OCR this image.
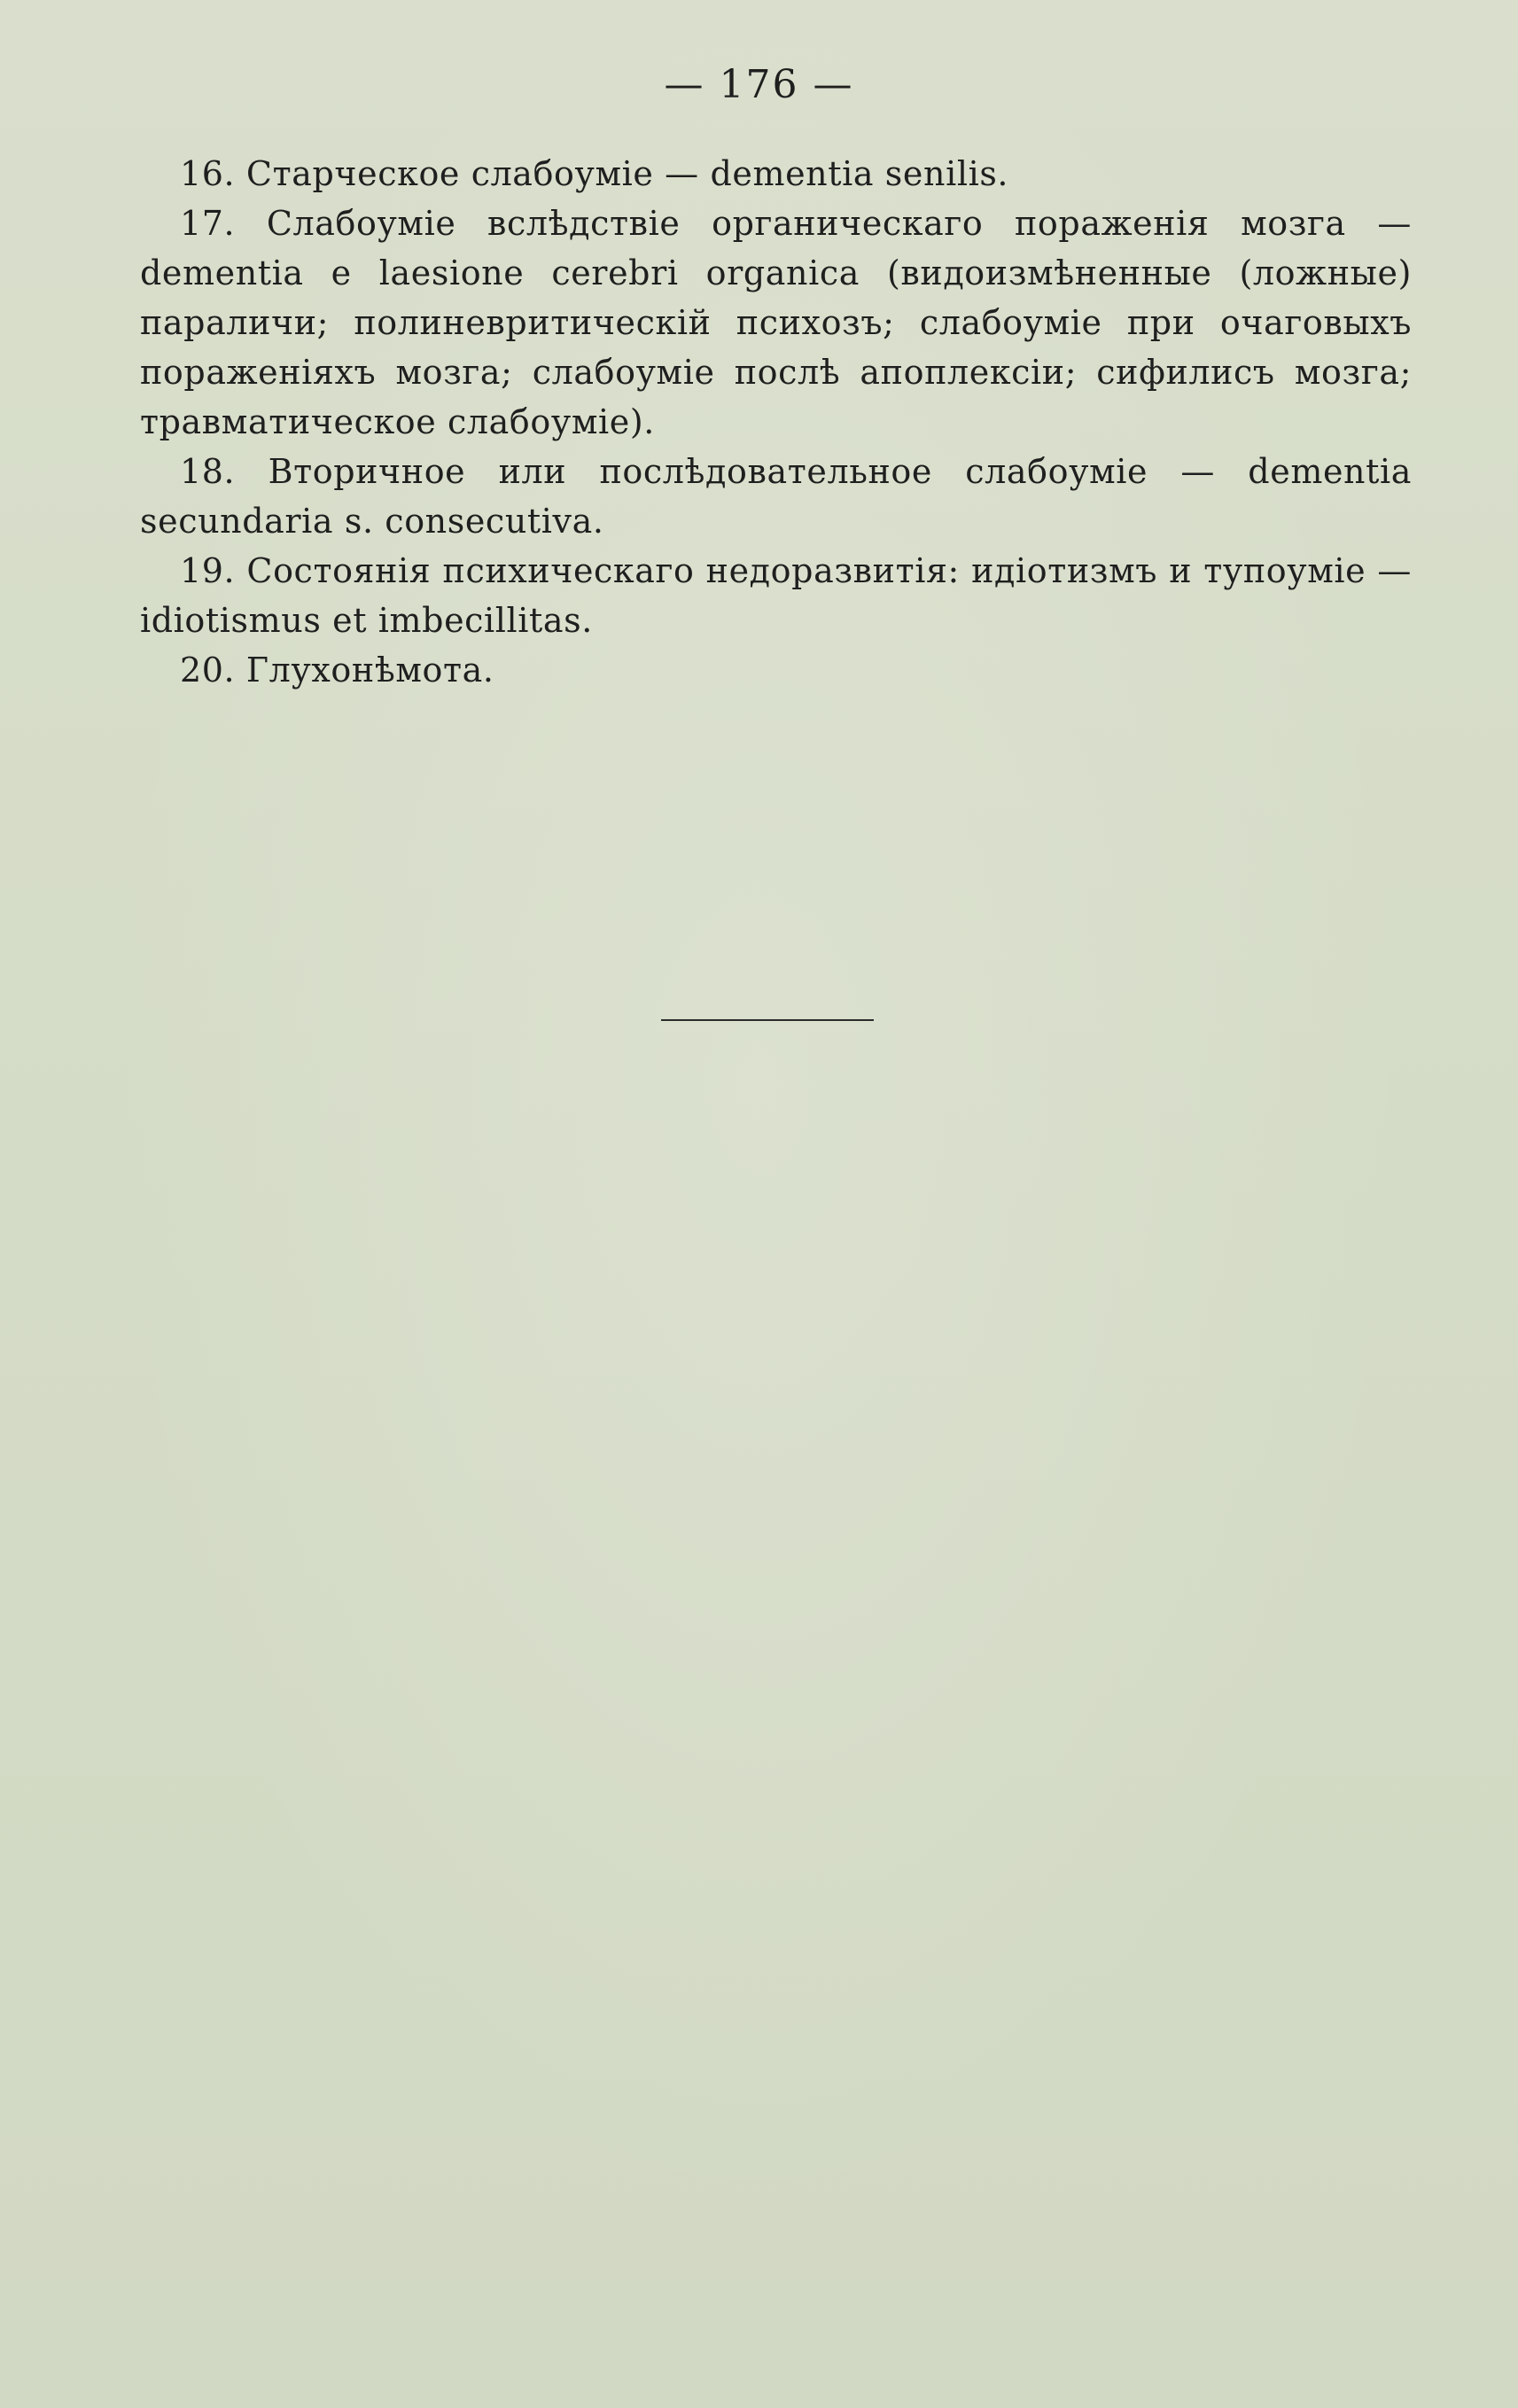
— 176 —

16. Старческое слабоумiе — dementia senilis.

17. Слабоумiе вслѣдствiе органическаго пораженiя мозга — dementia e laesione cerebri organica (видоизмѣненные (ложные) параличи; полиневритическiй психозъ; слабоумiе при очаговыхъ пораженiяхъ мозга; слабоумiе послѣ апоплексiи; сифилисъ мозга; травматическое слабоумiе).

18. Вторичное или послѣдовательное слабоумiе — dementia secundaria s. consecutiva.

19. Состоянiя психическаго недоразвитiя: идiотизмъ и тупоумiе — idiotismus et imbecillitas.

20. Глухонѣмота.
